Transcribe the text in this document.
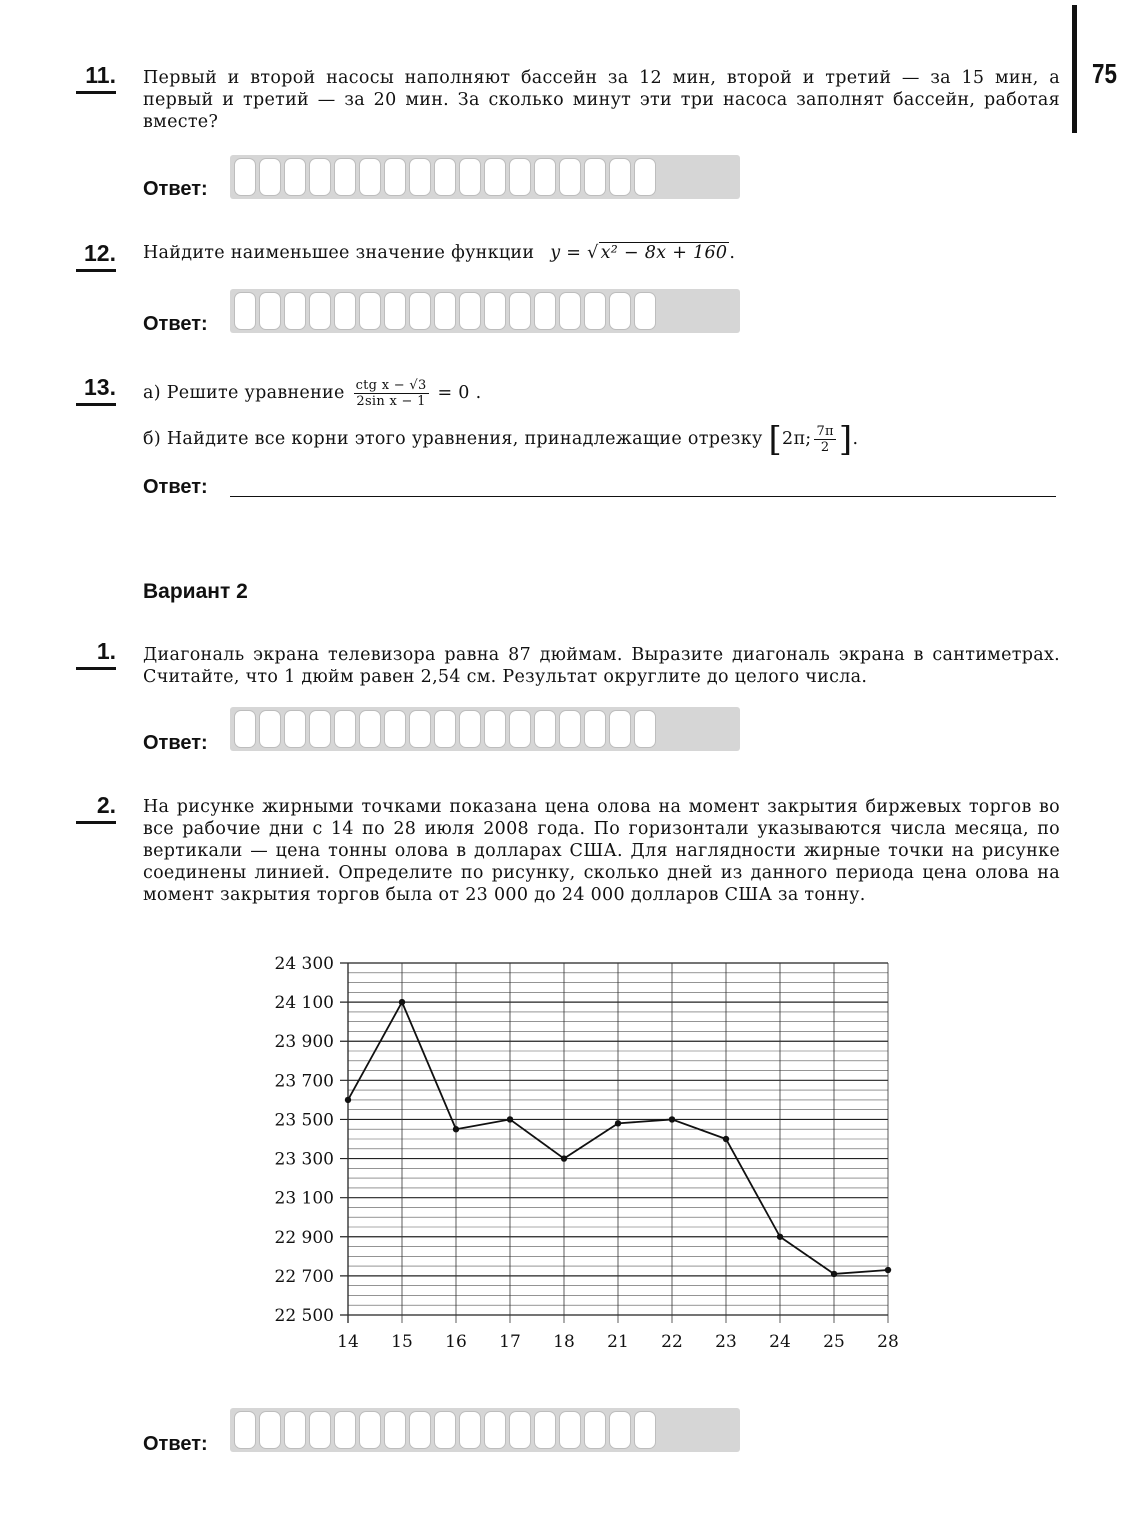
75
11. Первый и второй насосы наполняют бассейн за 12 мин, второй и третий — за 15 мин, а первый и третий — за 20 мин. За сколько минут эти три насоса заполнят бассейн, работая вместе?
Ответ:
12. Найдите наименьшее значение функции y = √ x² − 8x + 160 .
Ответ:
13. а) Решите уравнение $\frac{\text{ctg x − √3}}{\text{2sin x − 1}} = 0$ .
б) Найдите все корни этого уравнения, принадлежащие отрезку [2π; $\frac{7\pi}{2}$ ].
Ответ:
Вариант 2
1. Диагональ экрана телевизора равна 87 дюймам. Выразите диагональ экрана в сантиметрах. Считайте, что 1 дюйм равен 2,54 см. Результат округлите до целого числа.
Ответ:
2. На рисунке жирными точками показана цена олова на момент закрытия биржевых торгов во все рабочие дни с 14 по 28 июля 2008 года. По горизонтали указываются числа месяца, по вертикали — цена тонны олова в долларах США. Для наглядности жирные точки на рисунке соединены линией. Определите по рисунку, сколько дней из данного периода цена олова на момент закрытия торгов была от 23 000 до 24 000 долларов США за тонну.
22 500
22 700
22 900
23 100
23 300
23 500
23 700
23 900
24 100
24 300
14 15 16 17 18 21 22 23 24 25 28
Ответ:
